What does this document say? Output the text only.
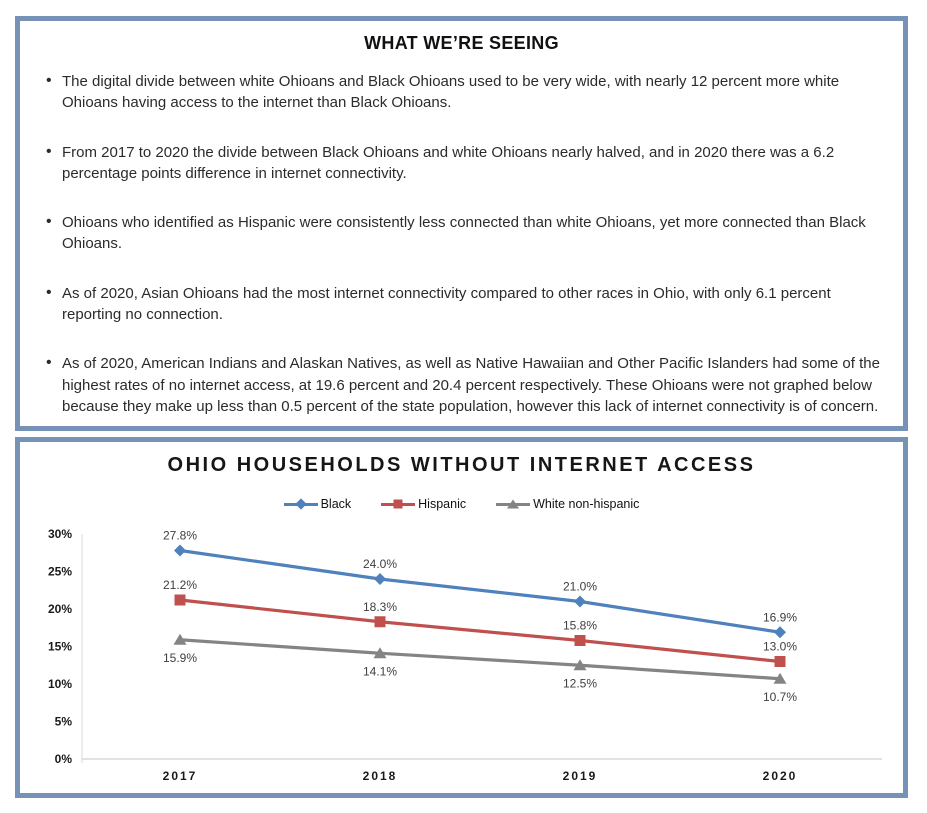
WHAT WE’RE SEEING
• The digital divide between white Ohioans and Black Ohioans used to be very wide, with nearly 12 percent more white Ohioans having access to the internet than Black Ohioans.
• From 2017 to 2020 the divide between Black Ohioans and white Ohioans nearly halved, and in 2020 there was a 6.2 percentage points difference in internet connectivity.
• Ohioans who identified as Hispanic were consistently less connected than white Ohioans, yet more connected than Black Ohioans.
• As of 2020, Asian Ohioans had the most internet connectivity compared to other races in Ohio, with only 6.1 percent reporting no connection.
• As of 2020, American Indians and Alaskan Natives, as well as Native Hawaiian and Other Pacific Islanders had some of the highest rates of no internet access, at 19.6 percent and 20.4 percent respectively. These Ohioans were not graphed below because they make up less than 0.5 percent of the state population, however this lack of internet connectivity is of concern.
OHIO HOUSEHOLDS WITHOUT INTERNET ACCESS
Black	Hispanic	White non-hispanic
0%
5%
10%
15%
20%
25%
30%
2017	2018	2019	2020
27.8%
24.0%
21.0%
16.9%
21.2%
18.3%
15.8%
13.0%
15.9%
14.1%
12.5%
10.7%
